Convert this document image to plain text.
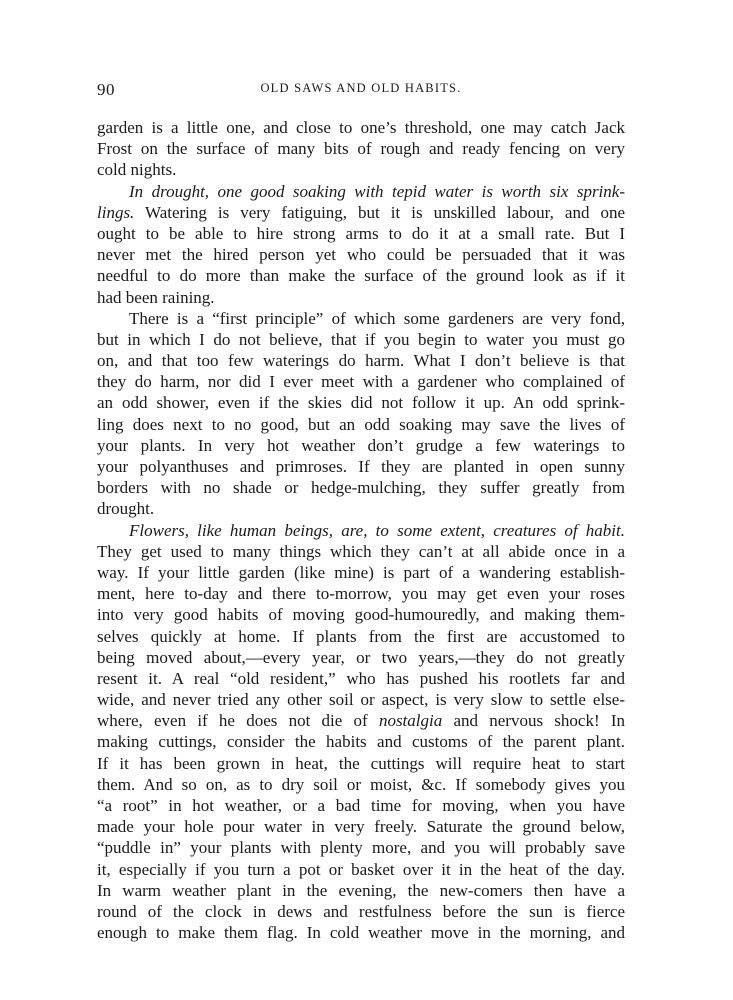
90	OLD SAWS AND OLD HABITS.
garden is a little one, and close to one’s threshold, one may catch Jack
Frost on the surface of many bits of rough and ready fencing on very
cold nights.
In drought, one good soaking with tepid water is worth six sprink-
lings. Watering is very fatiguing, but it is unskilled labour, and one
ought to be able to hire strong arms to do it at a small rate. But I
never met the hired person yet who could be persuaded that it was
needful to do more than make the surface of the ground look as if it
had been raining.
There is a “first principle” of which some gardeners are very fond,
but in which I do not believe, that if you begin to water you must go
on, and that too few waterings do harm. What I don’t believe is that
they do harm, nor did I ever meet with a gardener who complained of
an odd shower, even if the skies did not follow it up. An odd sprink-
ling does next to no good, but an odd soaking may save the lives of
your plants. In very hot weather don’t grudge a few waterings to
your polyanthuses and primroses. If they are planted in open sunny
borders with no shade or hedge-mulching, they suffer greatly from
drought.
Flowers, like human beings, are, to some extent, creatures of habit.
They get used to many things which they can’t at all abide once in a
way. If your little garden (like mine) is part of a wandering establish-
ment, here to-day and there to-morrow, you may get even your roses
into very good habits of moving good-humouredly, and making them-
selves quickly at home. If plants from the first are accustomed to
being moved about,—every year, or two years,—they do not greatly
resent it. A real “old resident,” who has pushed his rootlets far and
wide, and never tried any other soil or aspect, is very slow to settle else-
where, even if he does not die of nostalgia and nervous shock! In
making cuttings, consider the habits and customs of the parent plant.
If it has been grown in heat, the cuttings will require heat to start
them. And so on, as to dry soil or moist, &c. If somebody gives you
“a root” in hot weather, or a bad time for moving, when you have
made your hole pour water in very freely. Saturate the ground below,
“puddle in” your plants with plenty more, and you will probably save
it, especially if you turn a pot or basket over it in the heat of the day.
In warm weather plant in the evening, the new-comers then have a
round of the clock in dews and restfulness before the sun is fierce
enough to make them flag. In cold weather move in the morning, and
